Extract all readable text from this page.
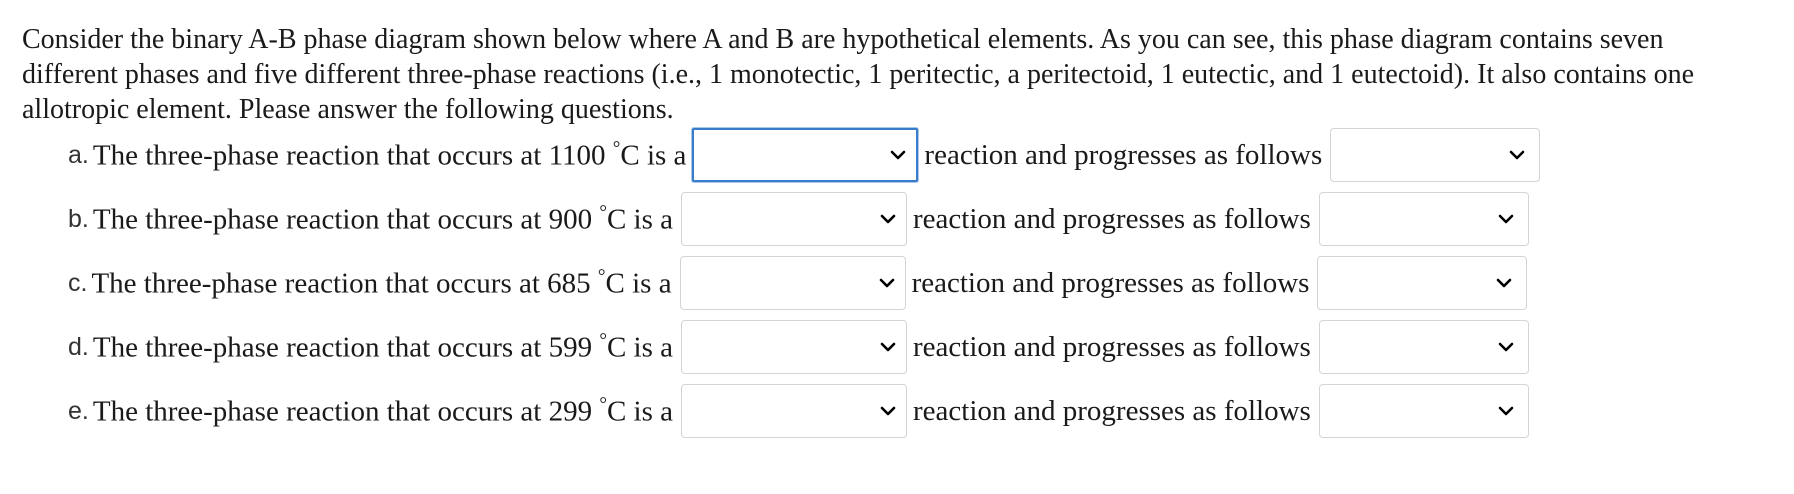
Consider the binary A-B phase diagram shown below where A and B are hypothetical elements. As you can see, this phase diagram contains seven different phases and five different three-phase reactions (i.e., 1 monotectic, 1 peritectic, a peritectoid, 1 eutectic, and 1 eutectoid). It also contains one allotropic element. Please answer the following questions.

a. The three-phase reaction that occurs at 1100 °C is a	reaction and progresses as follows
b. The three-phase reaction that occurs at 900 °C is a	reaction and progresses as follows
c. The three-phase reaction that occurs at 685 °C is a	reaction and progresses as follows
d. The three-phase reaction that occurs at 599 °C is a	reaction and progresses as follows
e. The three-phase reaction that occurs at 299 °C is a	reaction and progresses as follows
